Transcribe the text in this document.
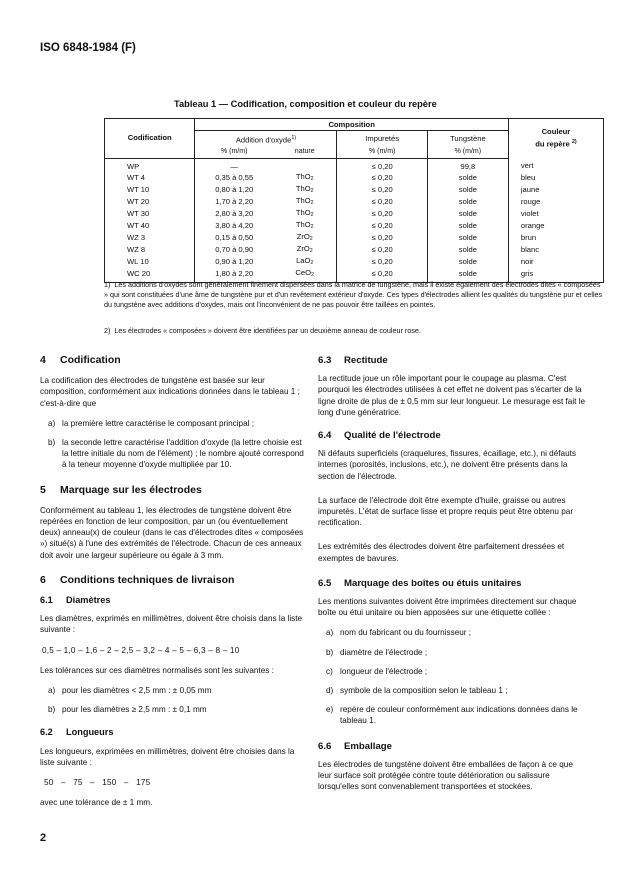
ISO 6848-1984 (F)
Tableau 1 — Codification, composition et couleur du repère
Codification	Composition				Couleur
du repère $^{2)}$
	Addition d'oxyde$^{1)}$		Impuretés	Tungstène	
	% (m/m)	nature	% (m/m)	% (m/m)	
WP	—		≤ 0,20	99,8	vert
WT 4	0,35 à 0,55	ThO$_2$	≤ 0,20	solde	bleu
WT 10	0,80 à 1,20	ThO$_2$	≤ 0,20	solde	jaune
WT 20	1,70 à 2,20	ThO$_2$	≤ 0,20	solde	rouge
WT 30	2,80 à 3,20	ThO$_2$	≤ 0,20	solde	violet
WT 40	3,80 à 4,20	ThO$_2$	≤ 0,20	solde	orange
WZ 3	0,15 à 0,50	ZrO$_2$	≤ 0,20	solde	brun
WZ 8	0,70 à 0,90	ZrO$_2$	≤ 0,20	solde	blanc
WL 10	0,90 à 1,20	LaO$_2$	≤ 0,20	solde	noir
WC 20	1,80 à 2,20	CeO$_2$	≤ 0,20	solde	gris
1) Les additions d'oxydes sont généralement finement dispersées dans la matrice de tungstène, mais il existe également des électrodes dites « composées » qui sont constituées d'une âme de tungstène pur et d'un revêtement extérieur d'oxyde. Ces types d'électrodes allient les qualités du tungstène pur et celles du tungstène avec additions d'oxydes, mais ont l'inconvénient de ne pas pouvoir être taillées en pointes.
2) Les électrodes « composées » doivent être identifiées par un deuxième anneau de couleur rose.
4 Codification

La codification des électrodes de tungstène est basée sur leur composition, conformément aux indications données dans le tableau 1 ; c'est-à-dire que

a) la première lettre caractérise le composant principal ;
b) la seconde lettre caractérise l'addition d'oxyde (la lettre choisie est la lettre initiale du nom de l'élément) ; le nombre ajouté correspond à la teneur moyenne d'oxyde multipliée par 10.
5 Marquage sur les électrodes

Conformément au tableau 1, les électrodes de tungstène doivent être repérées en fonction de leur composition, par un (ou éventuellement deux) anneau(x) de couleur (dans le cas d'électrodes dites « composées ») situé(s) à l'une des extrémités de l'électrode. Chacun de ces anneaux doit avoir une largeur supérieure ou égale à 3 mm.

6 Conditions techniques de livraison
6.1 Diamètres

Les diamètres, exprimés en millimètres, doivent être choisis dans la liste suivante :

0,5 – 1,0 – 1,6 – 2 – 2,5 – 3,2 – 4 – 5 – 6,3 – 8 – 10

Les tolérances sur ces diamètres normalisés sont les suivantes :

a) pour les diamètres < 2,5 mm : ± 0,05 mm
b) pour les diamètres ≥ 2,5 mm : ± 0,1 mm
6.2 Longueurs

Les longueurs, exprimées en millimètres, doivent être choisies dans la liste suivante :

50   –   75   –   150   –   175

avec une tolérance de ± 1 mm.

6.3 Rectitude

La rectitude joue un rôle important pour le coupage au plasma. C'est pourquoi les électrodes utilisées à cet effet ne doivent pas s'écarter de la ligne droite de plus de ± 0,5 mm sur leur longueur. Le mesurage est fait le long d'une génératrice.

6.4 Qualité de l'électrode

Ni défauts superficiels (craquelures, fissures, écaillage, etc.), ni défauts internes (porosités, inclusions, etc.), ne doivent être présents dans la section de l'électrode.

La surface de l'électrode doit être exempte d'huile, graisse ou autres impuretés. L'état de surface lisse et propre requis peut être obtenu par rectification.

Les extrémités des électrodes doivent être parfaitement dressées et exemptes de bavures.

6.5 Marquage des boîtes ou étuis unitaires

Les mentions suivantes doivent être imprimées directement sur chaque boîte ou étui unitaire ou bien apposées sur une étiquette collée :

a) nom du fabricant ou du fournisseur ;
b) diamètre de l'électrode ;
c) longueur de l'électrode ;
d) symbole de la composition selon le tableau 1 ;
e) repère de couleur conformément aux indications données dans le tableau 1.
6.6 Emballage

Les électrodes de tungstène doivent être emballées de façon à ce que leur surface soit protégée contre toute détérioration ou salissure lorsqu'elles sont convenablement transportées et stockées.

2
